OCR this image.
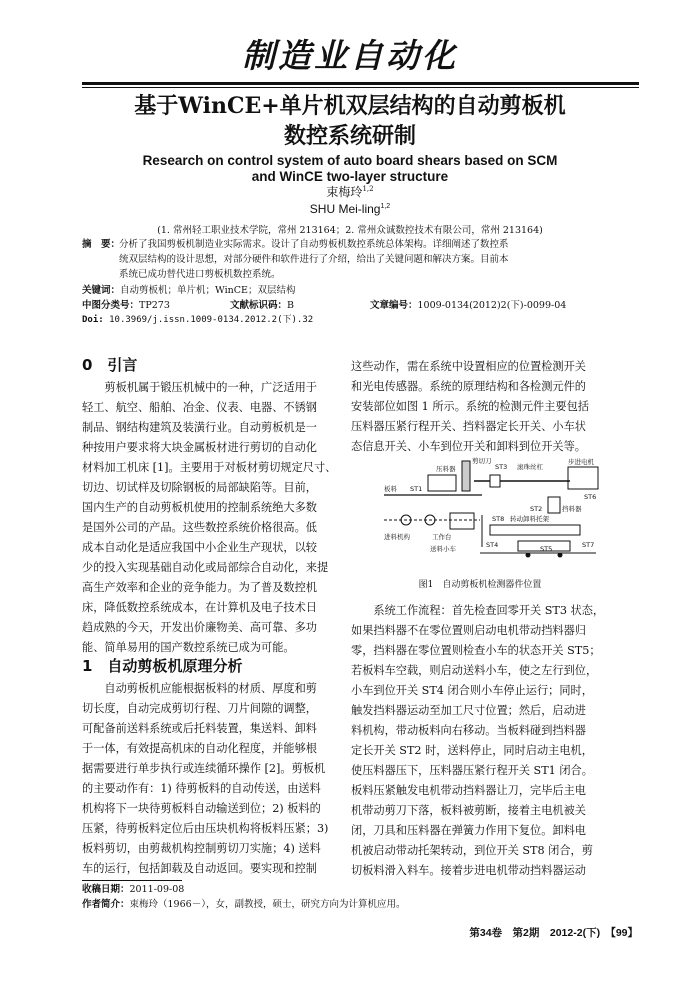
制造业自动化
基于WinCE+单片机双层结构的自动剪板机
数控系统研制
Research on control system of auto board shears based on SCM
and WinCE two-layer structure
束梅玲$^{1,2}$
SHU Mei-ling$^{1,2}$
(1. 常州轻工职业技术学院，常州 213164；2. 常州众诚数控技术有限公司，常州 213164)
摘　要：
分析了我国剪板机制造业实际需求。设计了自动剪板机数控系统总体架构。详细阐述了数控系
统双层结构的设计思想，对部分硬件和软件进行了介绍，给出了关键问题和解决方案。目前本
系统已成功替代进口剪板机数控系统。
关键词：自动剪板机；单片机；WinCE；双层结构
中图分类号：TP273	文献标识码：B	文章编号：1009-0134(2012)2(下)-0099-04
Doi: 10.3969/j.issn.1009-0134.2012.2(下).32
0　引言
剪板机属于锻压机械中的一种，广泛适用于
轻工、航空、船舶、冶金、仪表、电器、不锈钢
制品、钢结构建筑及装潢行业。自动剪板机是一
种按用户要求将大块金属板材进行剪切的自动化
材料加工机床 [1]。主要用于对板材剪切规定尺寸、
切边、切试样及切除钢板的局部缺陷等。目前，
国内生产的自动剪板机使用的控制系统绝大多数
是国外公司的产品。这些数控系统价格很高。低
成本自动化是适应我国中小企业生产现状，以较
少的投入实现基础自动化或局部综合自动化，来提
高生产效率和企业的竞争能力。为了普及数控机
床，降低数控系统成本，在计算机及电子技术日
趋成熟的今天，开发出价廉物美、高可靠、多功
能、简单易用的国产数控系统已成为可能。
1　自动剪板机原理分析
自动剪板机应能根据板料的材质、厚度和剪
切长度，自动完成剪切行程、刀片间隙的调整，
可配备前送料系统或后托料装置，集送料、卸料
于一体，有效提高机床的自动化程度，并能够根
据需要进行单步执行或连续循环操作 [2]。剪板机
的主要动作有：1) 待剪板料的自动传送，由送料
机构将下一块待剪板料自动输送到位；2) 板料的
压紧，待剪板料定位后由压块机构将板料压紧；3)
板料剪切，由剪裁机构控制剪切刀实施；4) 送料
车的运行，包括卸载及自动返回。要实现和控制
这些动作，需在系统中设置相应的位置检测开关
和光电传感器。系统的原理结构和各检测元件的
安装部位如图 1 所示。系统的检测元件主要包括
压料器压紧行程开关、挡料器定长开关、小车状
态信息开关、小车到位开关和卸料到位开关等。
压料器
剪切刀
ST3 滚珠丝杠
步进电机
板料 ST1
ST6
ST2	挡料器
ST8 转动卸料托架
进料机构	工作台
送料小车	ST4	ST5	ST7
图1　自动剪板机检测器件位置
系统工作流程：首先检查回零开关 ST3 状态，
如果挡料器不在零位置则启动电机带动挡料器归
零，挡料器在零位置则检查小车的状态开关 ST5；
若板料车空载，则启动送料小车，使之左行到位，
小车到位开关 ST4 闭合则小车停止运行；同时，
触发挡料器运动至加工尺寸位置；然后，启动进
料机构，带动板料向右移动。当板料碰到挡料器
定长开关 ST2 时，送料停止，同时启动主电机，
使压料器压下，压料器压紧行程开关 ST1 闭合。
板料压紧触发电机带动挡料器让刀，完毕后主电
机带动剪刀下落，板料被剪断，接着主电机被关
闭，刀具和压料器在弹簧力作用下复位。卸料电
机被启动带动托架转动，到位开关 ST8 闭合，剪
切板料滑入料车。接着步进电机带动挡料器运动
收稿日期：2011-09-08
作者简介：束梅玲（1966－），女，副教授，硕士，研究方向为计算机应用。
第34卷　第2期　2012-2(下)　【99】
